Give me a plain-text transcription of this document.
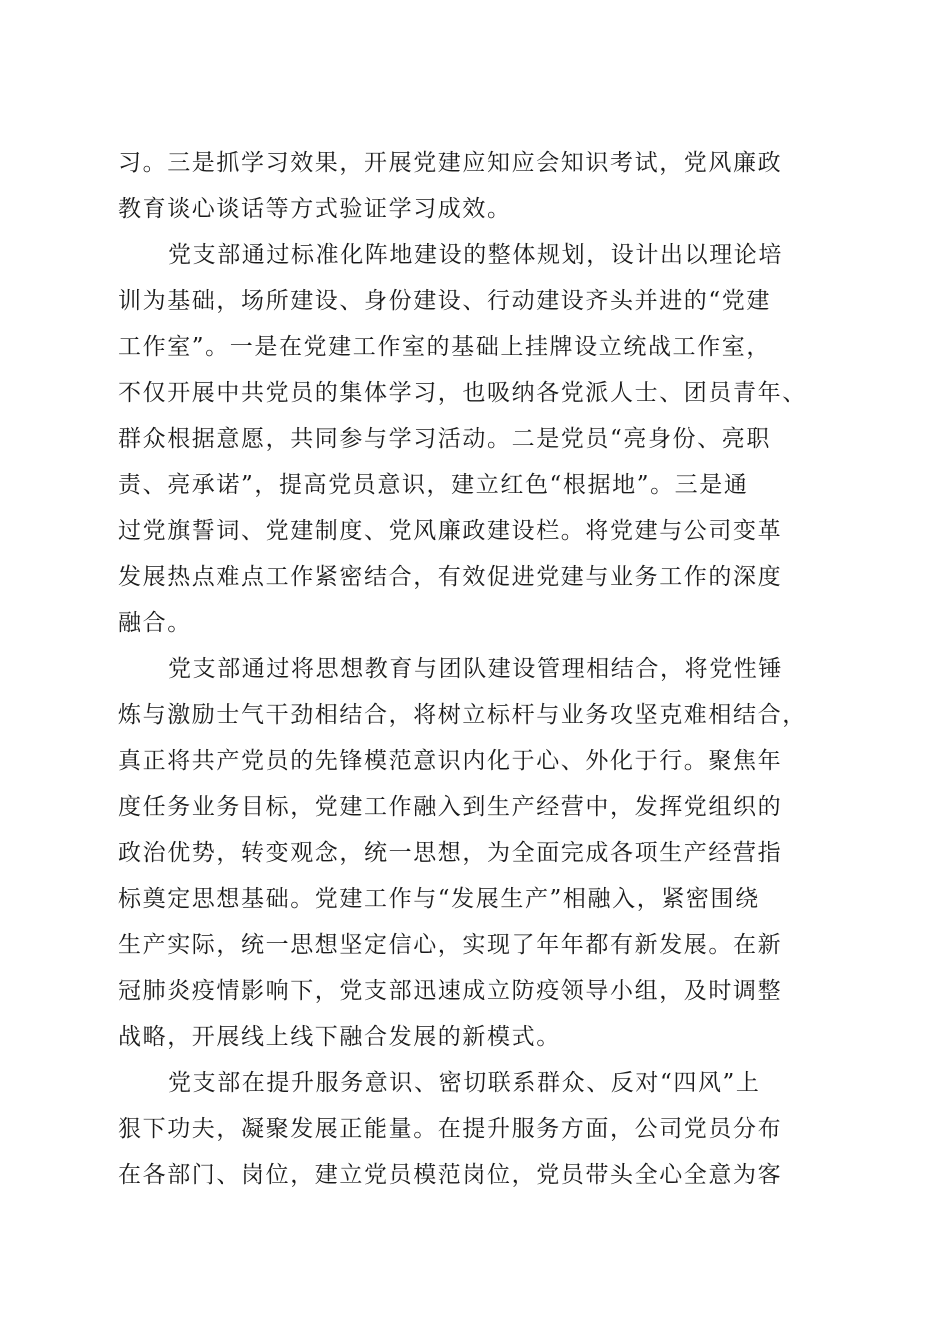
习。三是抓学习效果，开展党建应知应会知识考试，党风廉政
教育谈心谈话等方式验证学习成效。
党支部通过标准化阵地建设的整体规划，设计出以理论培
训为基础，场所建设、身份建设、行动建设齐头并进的“党建
工作室”。一是在党建工作室的基础上挂牌设立统战工作室，
不仅开展中共党员的集体学习，也吸纳各党派人士、团员青年、
群众根据意愿，共同参与学习活动。二是党员“亮身份、亮职
责、亮承诺”，提高党员意识，建立红色“根据地”。三是通
过党旗誓词、党建制度、党风廉政建设栏。将党建与公司变革
发展热点难点工作紧密结合，有效促进党建与业务工作的深度
融合。
党支部通过将思想教育与团队建设管理相结合，将党性锤
炼与激励士气干劲相结合，将树立标杆与业务攻坚克难相结合，
真正将共产党员的先锋模范意识内化于心、外化于行。聚焦年
度任务业务目标，党建工作融入到生产经营中，发挥党组织的
政治优势，转变观念，统一思想，为全面完成各项生产经营指
标奠定思想基础。党建工作与“发展生产”相融入，紧密围绕
生产实际，统一思想坚定信心，实现了年年都有新发展。在新
冠肺炎疫情影响下，党支部迅速成立防疫领导小组，及时调整
战略，开展线上线下融合发展的新模式。
党支部在提升服务意识、密切联系群众、反对“四风”上
狠下功夫，凝聚发展正能量。在提升服务方面，公司党员分布
在各部门、岗位，建立党员模范岗位，党员带头全心全意为客
